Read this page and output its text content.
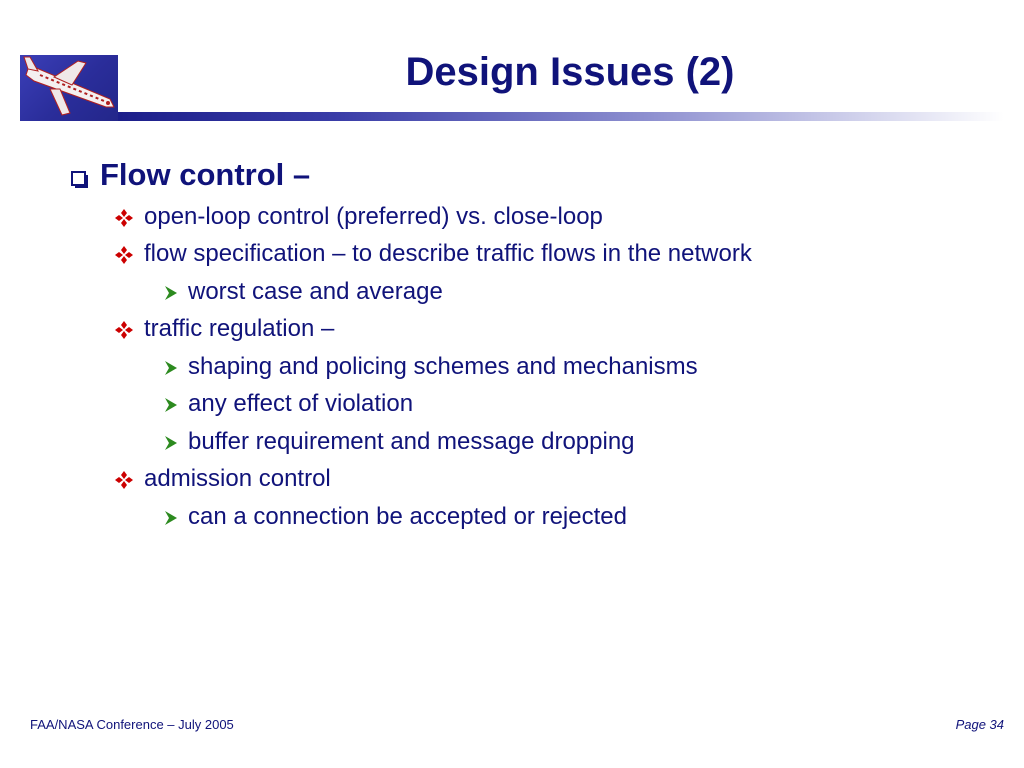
Design Issues (2)
Flow control –
open-loop control (preferred) vs. close-loop
flow specification – to describe traffic flows in the network
worst case and average
traffic regulation –
shaping and policing schemes and mechanisms
any effect of violation
buffer requirement and message dropping
admission control
can a connection be accepted or rejected
FAA/NASA Conference – July 2005	Page 34
